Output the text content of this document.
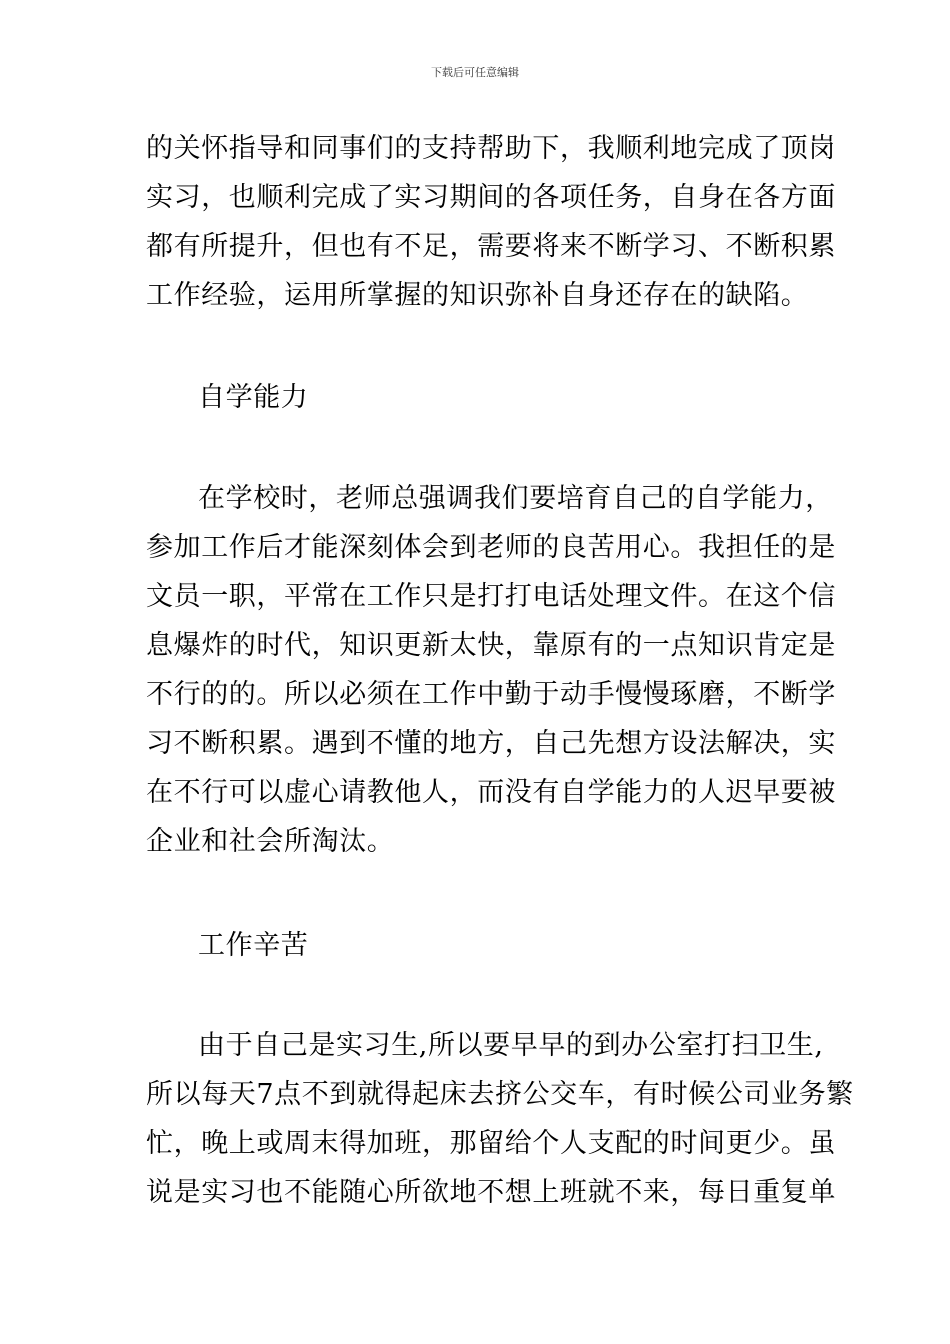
下载后可任意编辑
的关怀指导和同事们的支持帮助下，我顺利地完成了顶岗
实习，也顺利完成了实习期间的各项任务，自身在各方面
都有所提升，但也有不足，需要将来不断学习、不断积累
工作经验，运用所掌握的知识弥补自身还存在的缺陷。
自学能力
在学校时，老师总强调我们要培育自己的自学能力，
参加工作后才能深刻体会到老师的良苦用心。我担任的是
文员一职，平常在工作只是打打电话处理文件。在这个信
息爆炸的时代，知识更新太快，靠原有的一点知识肯定是
不行的的。所以必须在工作中勤于动手慢慢琢磨，不断学
习不断积累。遇到不懂的地方，自己先想方设法解决，实
在不行可以虚心请教他人，而没有自学能力的人迟早要被
企业和社会所淘汰。
工作辛苦
由于自己是实习生,所以要早早的到办公室打扫卫生,
所以每天7点不到就得起床去挤公交车，有时候公司业务繁
忙，晚上或周末得加班，那留给个人支配的时间更少。虽
说是实习也不能随心所欲地不想上班就不来，每日重复单
